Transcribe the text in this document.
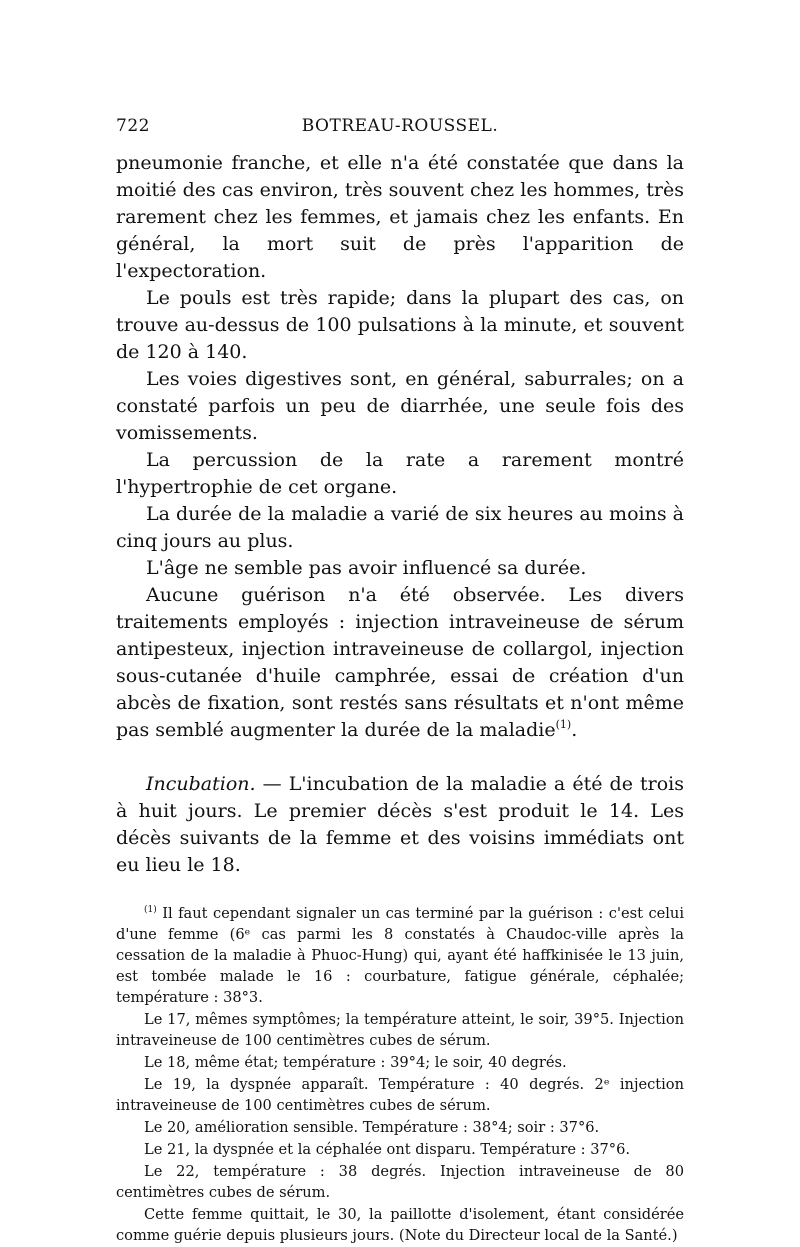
722	BOTREAU-ROUSSEL.

pneumonie franche, et elle n'a été constatée que dans la moitié des cas environ, très souvent chez les hommes, très rarement chez les femmes, et jamais chez les enfants. En général, la mort suit de près l'apparition de l'expectoration.

Le pouls est très rapide; dans la plupart des cas, on trouve au-dessus de 100 pulsations à la minute, et souvent de 120 à 140.

Les voies digestives sont, en général, saburrales; on a constaté parfois un peu de diarrhée, une seule fois des vomissements.

La percussion de la rate a rarement montré l'hypertrophie de cet organe.

La durée de la maladie a varié de six heures au moins à cinq jours au plus.

L'âge ne semble pas avoir influencé sa durée.

Aucune guérison n'a été observée. Les divers traitements employés : injection intraveineuse de sérum antipesteux, injection intraveineuse de collargol, injection sous-cutanée d'huile camphrée, essai de création d'un abcès de fixation, sont restés sans résultats et n'ont même pas semblé augmenter la durée de la maladie$^{(1)}$.

Incubation. — L'incubation de la maladie a été de trois à huit jours. Le premier décès s'est produit le 14. Les décès suivants de la femme et des voisins immédiats ont eu lieu le 18.

$^{(1)}$ Il faut cependant signaler un cas terminé par la guérison : c'est celui d'une femme (6ᵉ cas parmi les 8 constatés à Chaudoc-ville après la cessation de la maladie à Phuoc-Hung) qui, ayant été haffkinisée le 13 juin, est tombée malade le 16 : courbature, fatigue générale, céphalée; température : 38°3.

Le 17, mêmes symptômes; la température atteint, le soir, 39°5. Injection intraveineuse de 100 centimètres cubes de sérum.

Le 18, même état; température : 39°4; le soir, 40 degrés.

Le 19, la dyspnée apparaît. Température : 40 degrés. 2ᵉ injection intraveineuse de 100 centimètres cubes de sérum.

Le 20, amélioration sensible. Température : 38°4; soir : 37°6.

Le 21, la dyspnée et la céphalée ont disparu. Température : 37°6.

Le 22, température : 38 degrés. Injection intraveineuse de 80 centimètres cubes de sérum.

Cette femme quittait, le 30, la paillotte d'isolement, étant considérée comme guérie depuis plusieurs jours. (Note du Directeur local de la Santé.)
